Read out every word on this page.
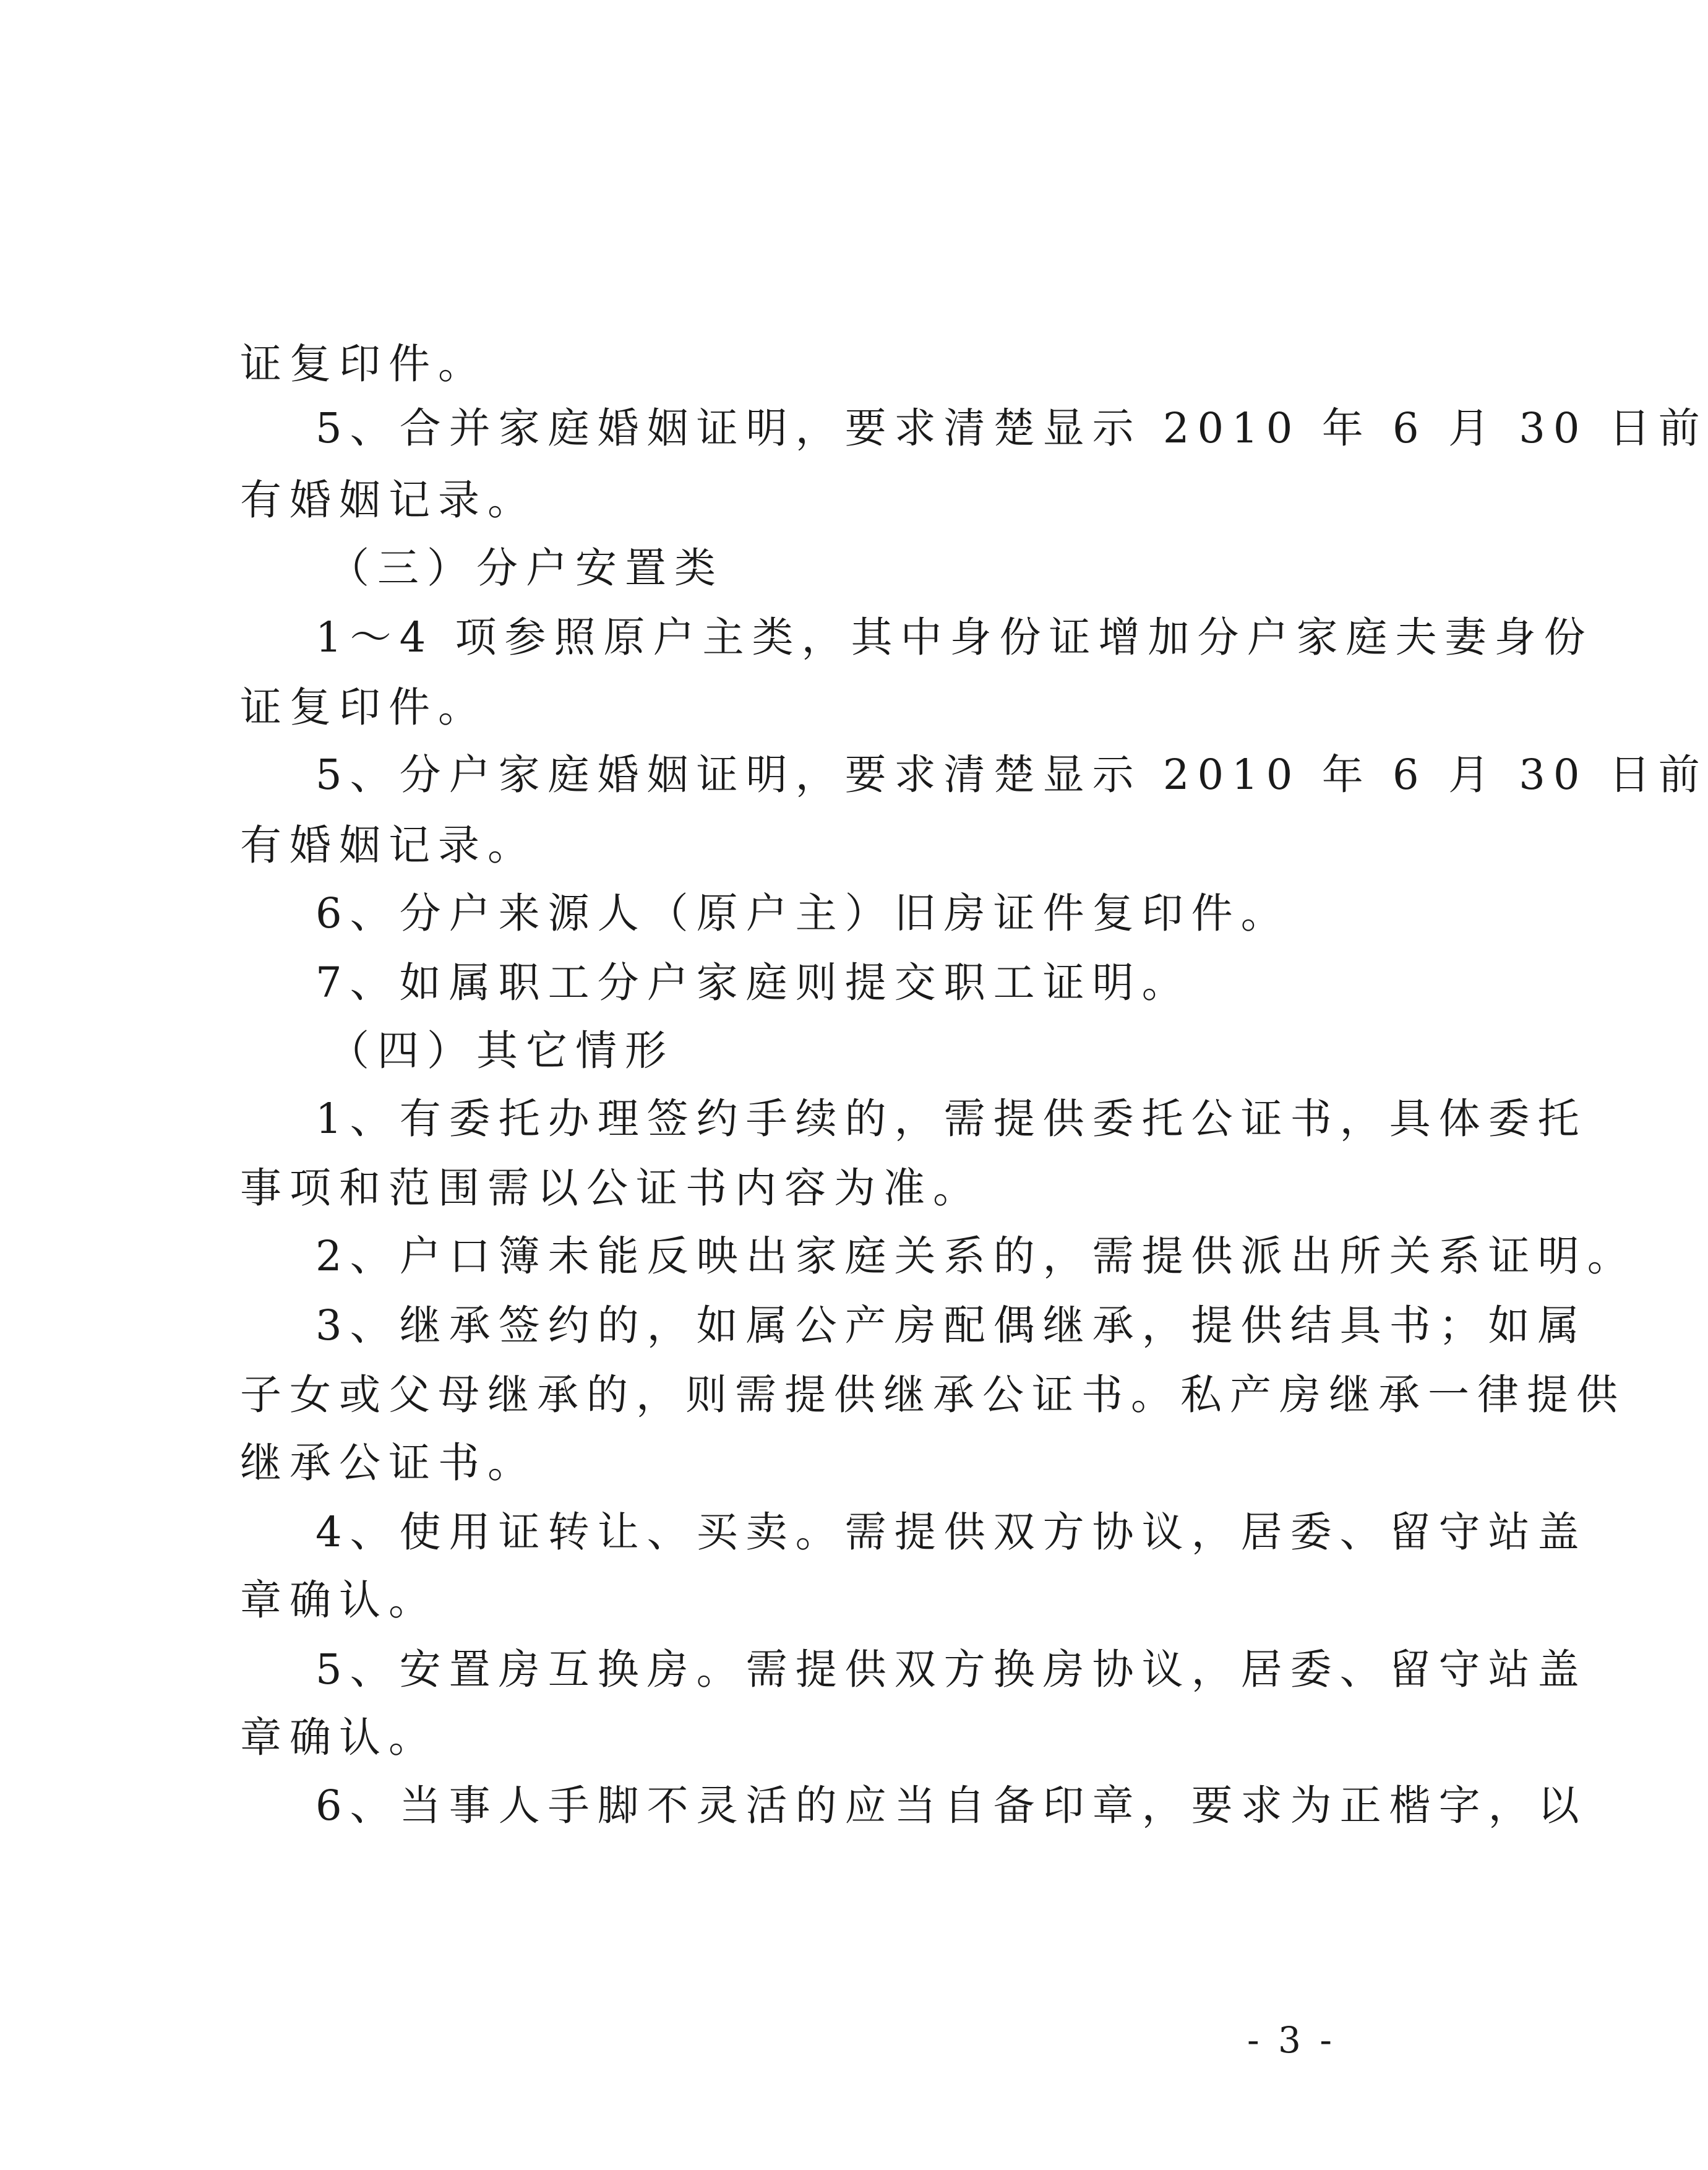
证复印件。
5、合并家庭婚姻证明，要求清楚显示 2010 年 6 月 30 日前
有婚姻记录。
（三）分户安置类
1～4 项参照原户主类，其中身份证增加分户家庭夫妻身份
证复印件。
5、分户家庭婚姻证明，要求清楚显示 2010 年 6 月 30 日前
有婚姻记录。
6、分户来源人（原户主）旧房证件复印件。
7、如属职工分户家庭则提交职工证明。
（四）其它情形
1、有委托办理签约手续的，需提供委托公证书，具体委托
事项和范围需以公证书内容为准。
2、户口簿未能反映出家庭关系的，需提供派出所关系证明。
3、继承签约的，如属公产房配偶继承，提供结具书；如属
子女或父母继承的，则需提供继承公证书。私产房继承一律提供
继承公证书。
4、使用证转让、买卖。需提供双方协议，居委、留守站盖
章确认。
5、安置房互换房。需提供双方换房协议，居委、留守站盖
章确认。
6、当事人手脚不灵活的应当自备印章，要求为正楷字，以
- 3 -
